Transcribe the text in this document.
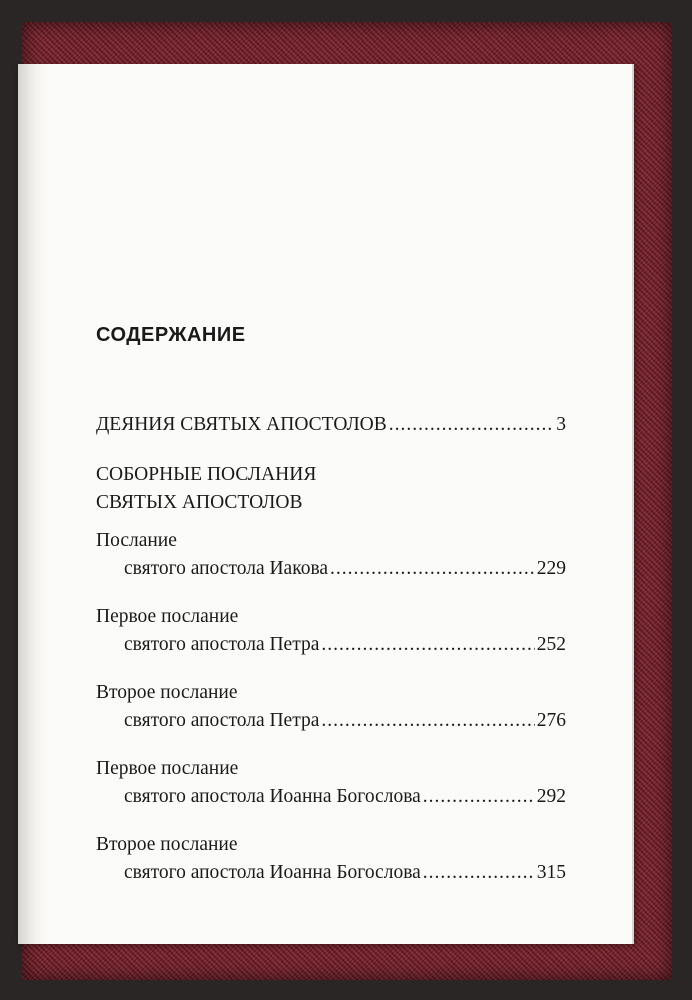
СОДЕРЖАНИЕ
ДЕЯНИЯ СВЯТЫХ АПОСТОЛОВ .....	3
СОБОРНЫЕ ПОСЛАНИЯ
СВЯТЫХ АПОСТОЛОВ
Послание
святого апостола Иакова .....	229
Первое послание
святого апостола Петра .....	252
Второе послание
святого апостола Петра .....	276
Первое послание
святого апостола Иоанна Богослова .....	292
Второе послание
святого апостола Иоанна Богослова .....	315
